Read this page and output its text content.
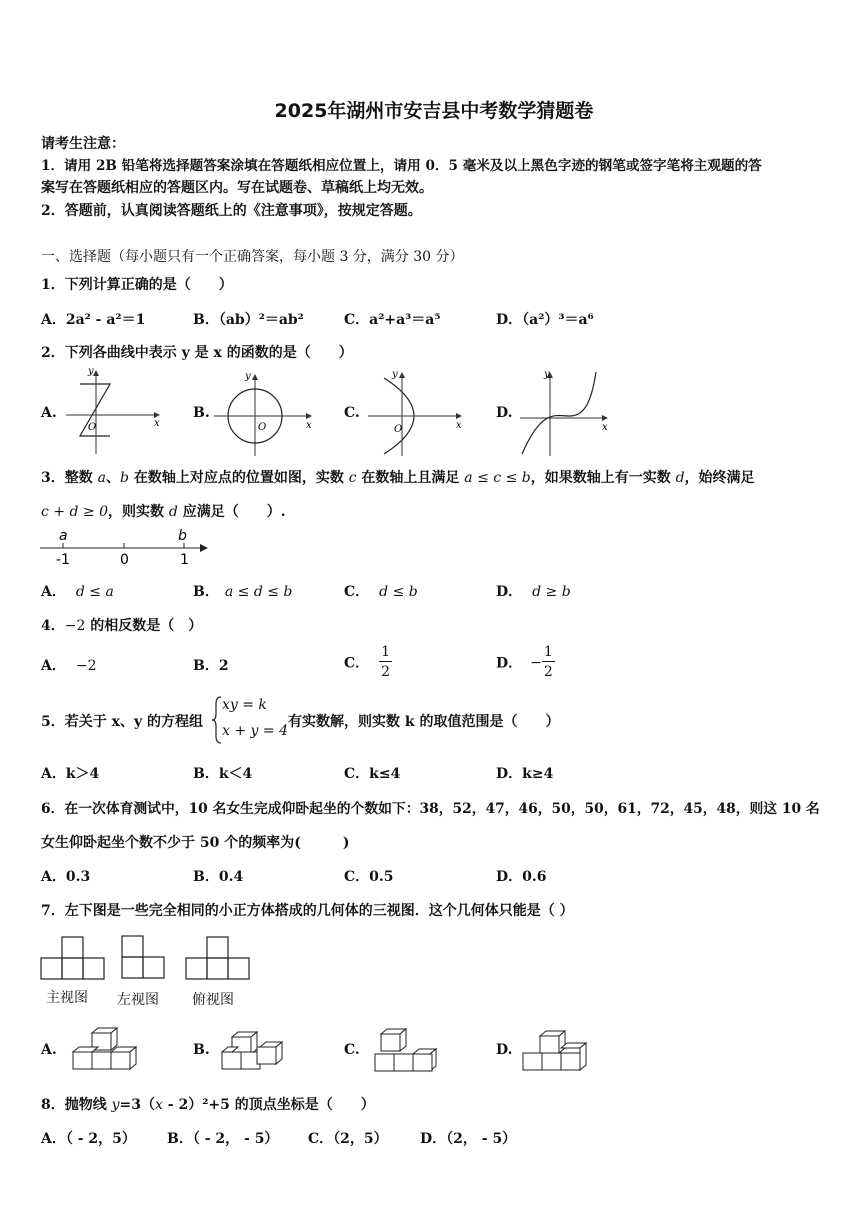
2025年湖州市安吉县中考数学猜题卷
请考生注意：
1．请用 2B 铅笔将选择题答案涂填在答题纸相应位置上，请用 0．5 毫米及以上黑色字迹的钢笔或签字笔将主观题的答
案写在答题纸相应的答题区内。写在试题卷、草稿纸上均无效。
2．答题前，认真阅读答题纸上的《注意事项》，按规定答题。
一、选择题（每小题只有一个正确答案，每小题 3 分，满分 30 分）
1．下列计算正确的是（　　）
A．2a² - a²＝1	B．（ab）²＝ab²	C．a²+a³＝a⁵	D．（a²）³＝a⁶
2．下列各曲线中表示 y 是 x 的函数的是（　　）
A.	B.	C.	D.
y
x
O
y
x
O
y
x
O
y
x
3．整数 a、b 在数轴上对应点的位置如图，实数 c 在数轴上且满足 a ≤ c ≤ b，如果数轴上有一实数 d，始终满足
c + d ≥ 0，则实数 d 应满足（　　）.
a	b
-1	0	1
A． d ≤ a	B． a ≤ d ≤ b	C． d ≤ b	D． d ≥ b
4．−2 的相反数是（　）
A． −2	B．2	C． $\frac{1}{2}$	D． − $\frac{1}{2}$
5．若关于 x、y 的方程组
xy = k
x + y = 4
有实数解，则实数 k 的取值范围是（　　）
A．k＞4	B．k＜4	C．k≤4	D．k≥4
6．在一次体育测试中，10 名女生完成仰卧起坐的个数如下：38，52，47，46，50，50，61，72，45，48，则这 10 名
女生仰卧起坐个数不少于 50 个的频率为(　　　)
A．0.3	B．0.4	C．0.5	D．0.6
7．左下图是一些完全相同的小正方体搭成的几何体的三视图．这个几何体只能是（ ）
主视图 左视图 俯视图
A.	B.	C.	D.
8．抛物线 y=3（x - 2）²+5 的顶点坐标是（　　）
A．（ - 2，5） B．（ - 2， - 5） C．（2，5） D．（2， - 5）
